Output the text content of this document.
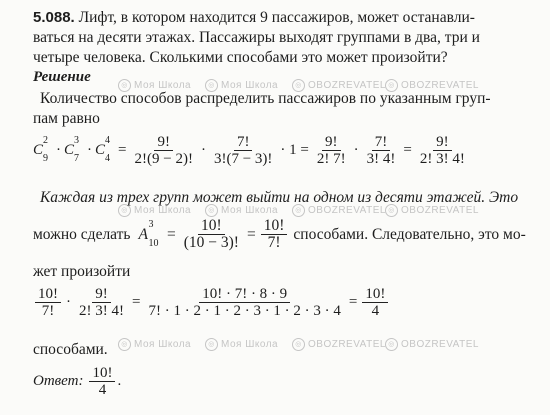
◎ Моя Школа	◎ Моя Школа	◎ OBOZREVATEL ◎ OBOZREVATEL
◎ Моя Школа	◎ Моя Школа	◎ OBOZREVATEL ◎ OBOZREVATEL
◎ Моя Школа	◎ Моя Школа	◎ OBOZREVATEL ◎ OBOZREVATEL
5.088. Лифт, в котором находится 9 пассажиров, может останавли-
ваться на десяти этажах. Пассажиры выходят группами в два, три и
четыре человека. Сколькими способами это может произойти?
Решение
Количество способов распределить пассажиров по указанным груп-
пам равно
C
2
9
· C
3
7
· C
4
4
= $\frac{9!}{2!(9 - 2)!} \cdot \frac{7!}{3!(7 - 3)!} \cdot 1 = \frac{9!}{2! 7!} \cdot \frac{7!}{3! 4!} = \frac{9!}{2! 3! 4!}$
Каждая из трех групп может выйти на одном из десяти этажей. Это
можно сделать A
3
10
= $\frac{10!}{(10 - 3)!} = \frac{10!}{7!}$ способами. Следовательно, это мо-
жет произойти
$\frac{10!}{7!} \cdot \frac{9!}{2! 3! 4!} = \frac{10! \cdot 7! \cdot 8 \cdot 9}{7! \cdot 1 \cdot 2 \cdot 1 \cdot 2 \cdot 3 \cdot 1 \cdot 2 \cdot 3 \cdot 4} = \frac{10!}{4}$
способами.
Ответ: $\frac{10!}{4}$ .
